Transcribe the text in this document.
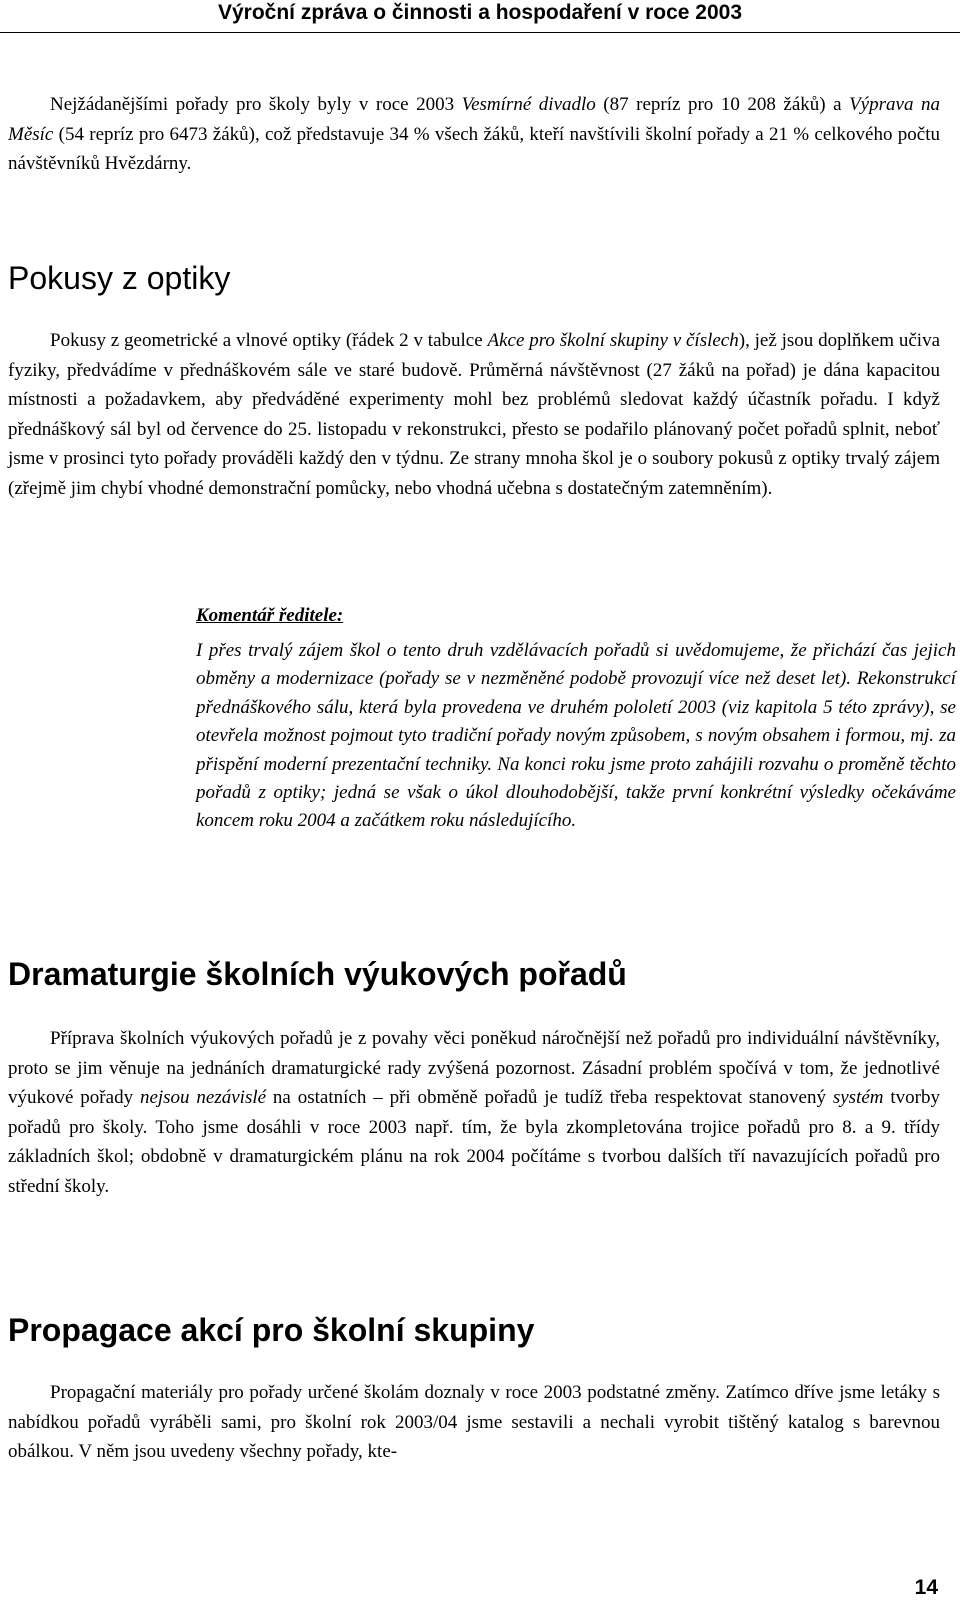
Výroční zpráva o činnosti a hospodaření v roce 2003

Nejžádanějšími pořady pro školy byly v roce 2003 Vesmírné divadlo (87 repríz pro 10 208 žáků) a Výprava na Měsíc (54 repríz pro 6473 žáků), což představuje 34 % všech žáků, kteří navštívili školní pořady a 21 % celkového počtu návštěvníků Hvězdárny.

Pokusy z optiky

Pokusy z geometrické a vlnové optiky (řádek 2 v tabulce Akce pro školní skupiny v číslech), jež jsou doplňkem učiva fyziky, předvádíme v přednáškovém sále ve staré budově. Průměrná návštěvnost (27 žáků na pořad) je dána kapacitou místnosti a požadavkem, aby předváděné experimenty mohl bez problémů sledovat každý účastník pořadu. I když přednáškový sál byl od července do 25. listopadu v rekonstrukci, přesto se podařilo plánovaný počet pořadů splnit, neboť jsme v prosinci tyto pořady prováděli každý den v týdnu. Ze strany mnoha škol je o soubory pokusů z optiky trvalý zájem (zřejmě jim chybí vhodné demonstrační pomůcky, nebo vhodná učebna s dostatečným zatemněním).

Komentář ředitele:

I přes trvalý zájem škol o tento druh vzdělávacích pořadů si uvědomujeme, že přichází čas jejich obměny a modernizace (pořady se v nezměněné podobě provozují více než deset let). Rekonstrukcí přednáškového sálu, která byla provedena ve druhém pololetí 2003 (viz kapitola 5 této zprávy), se otevřela možnost pojmout tyto tradiční pořady novým způsobem, s novým obsahem i formou, mj. za přispění moderní prezentační techniky. Na konci roku jsme proto zahájili rozvahu o proměně těchto pořadů z optiky; jedná se však o úkol dlouhodobější, takže první konkrétní výsledky očekáváme koncem roku 2004 a začátkem roku následujícího.

Dramaturgie školních výukových pořadů

Příprava školních výukových pořadů je z povahy věci poněkud náročnější než pořadů pro individuální návštěvníky, proto se jim věnuje na jednáních dramaturgické rady zvýšená pozornost. Zásadní problém spočívá v tom, že jednotlivé výukové pořady nejsou nezávislé na ostatních – při obměně pořadů je tudíž třeba respektovat stanovený systém tvorby pořadů pro školy. Toho jsme dosáhli v roce 2003 např. tím, že byla zkompletována trojice pořadů pro 8. a 9. třídy základních škol; obdobně v dramaturgickém plánu na rok 2004 počítáme s tvorbou dalších tří navazujících pořadů pro střední školy.

Propagace akcí pro školní skupiny

Propagační materiály pro pořady určené školám doznaly v roce 2003 podstatné změny. Zatímco dříve jsme letáky s nabídkou pořadů vyráběli sami, pro školní rok 2003/04 jsme sestavili a nechali vyrobit tištěný katalog s barevnou obálkou. V něm jsou uvedeny všechny pořady, kte-

14
